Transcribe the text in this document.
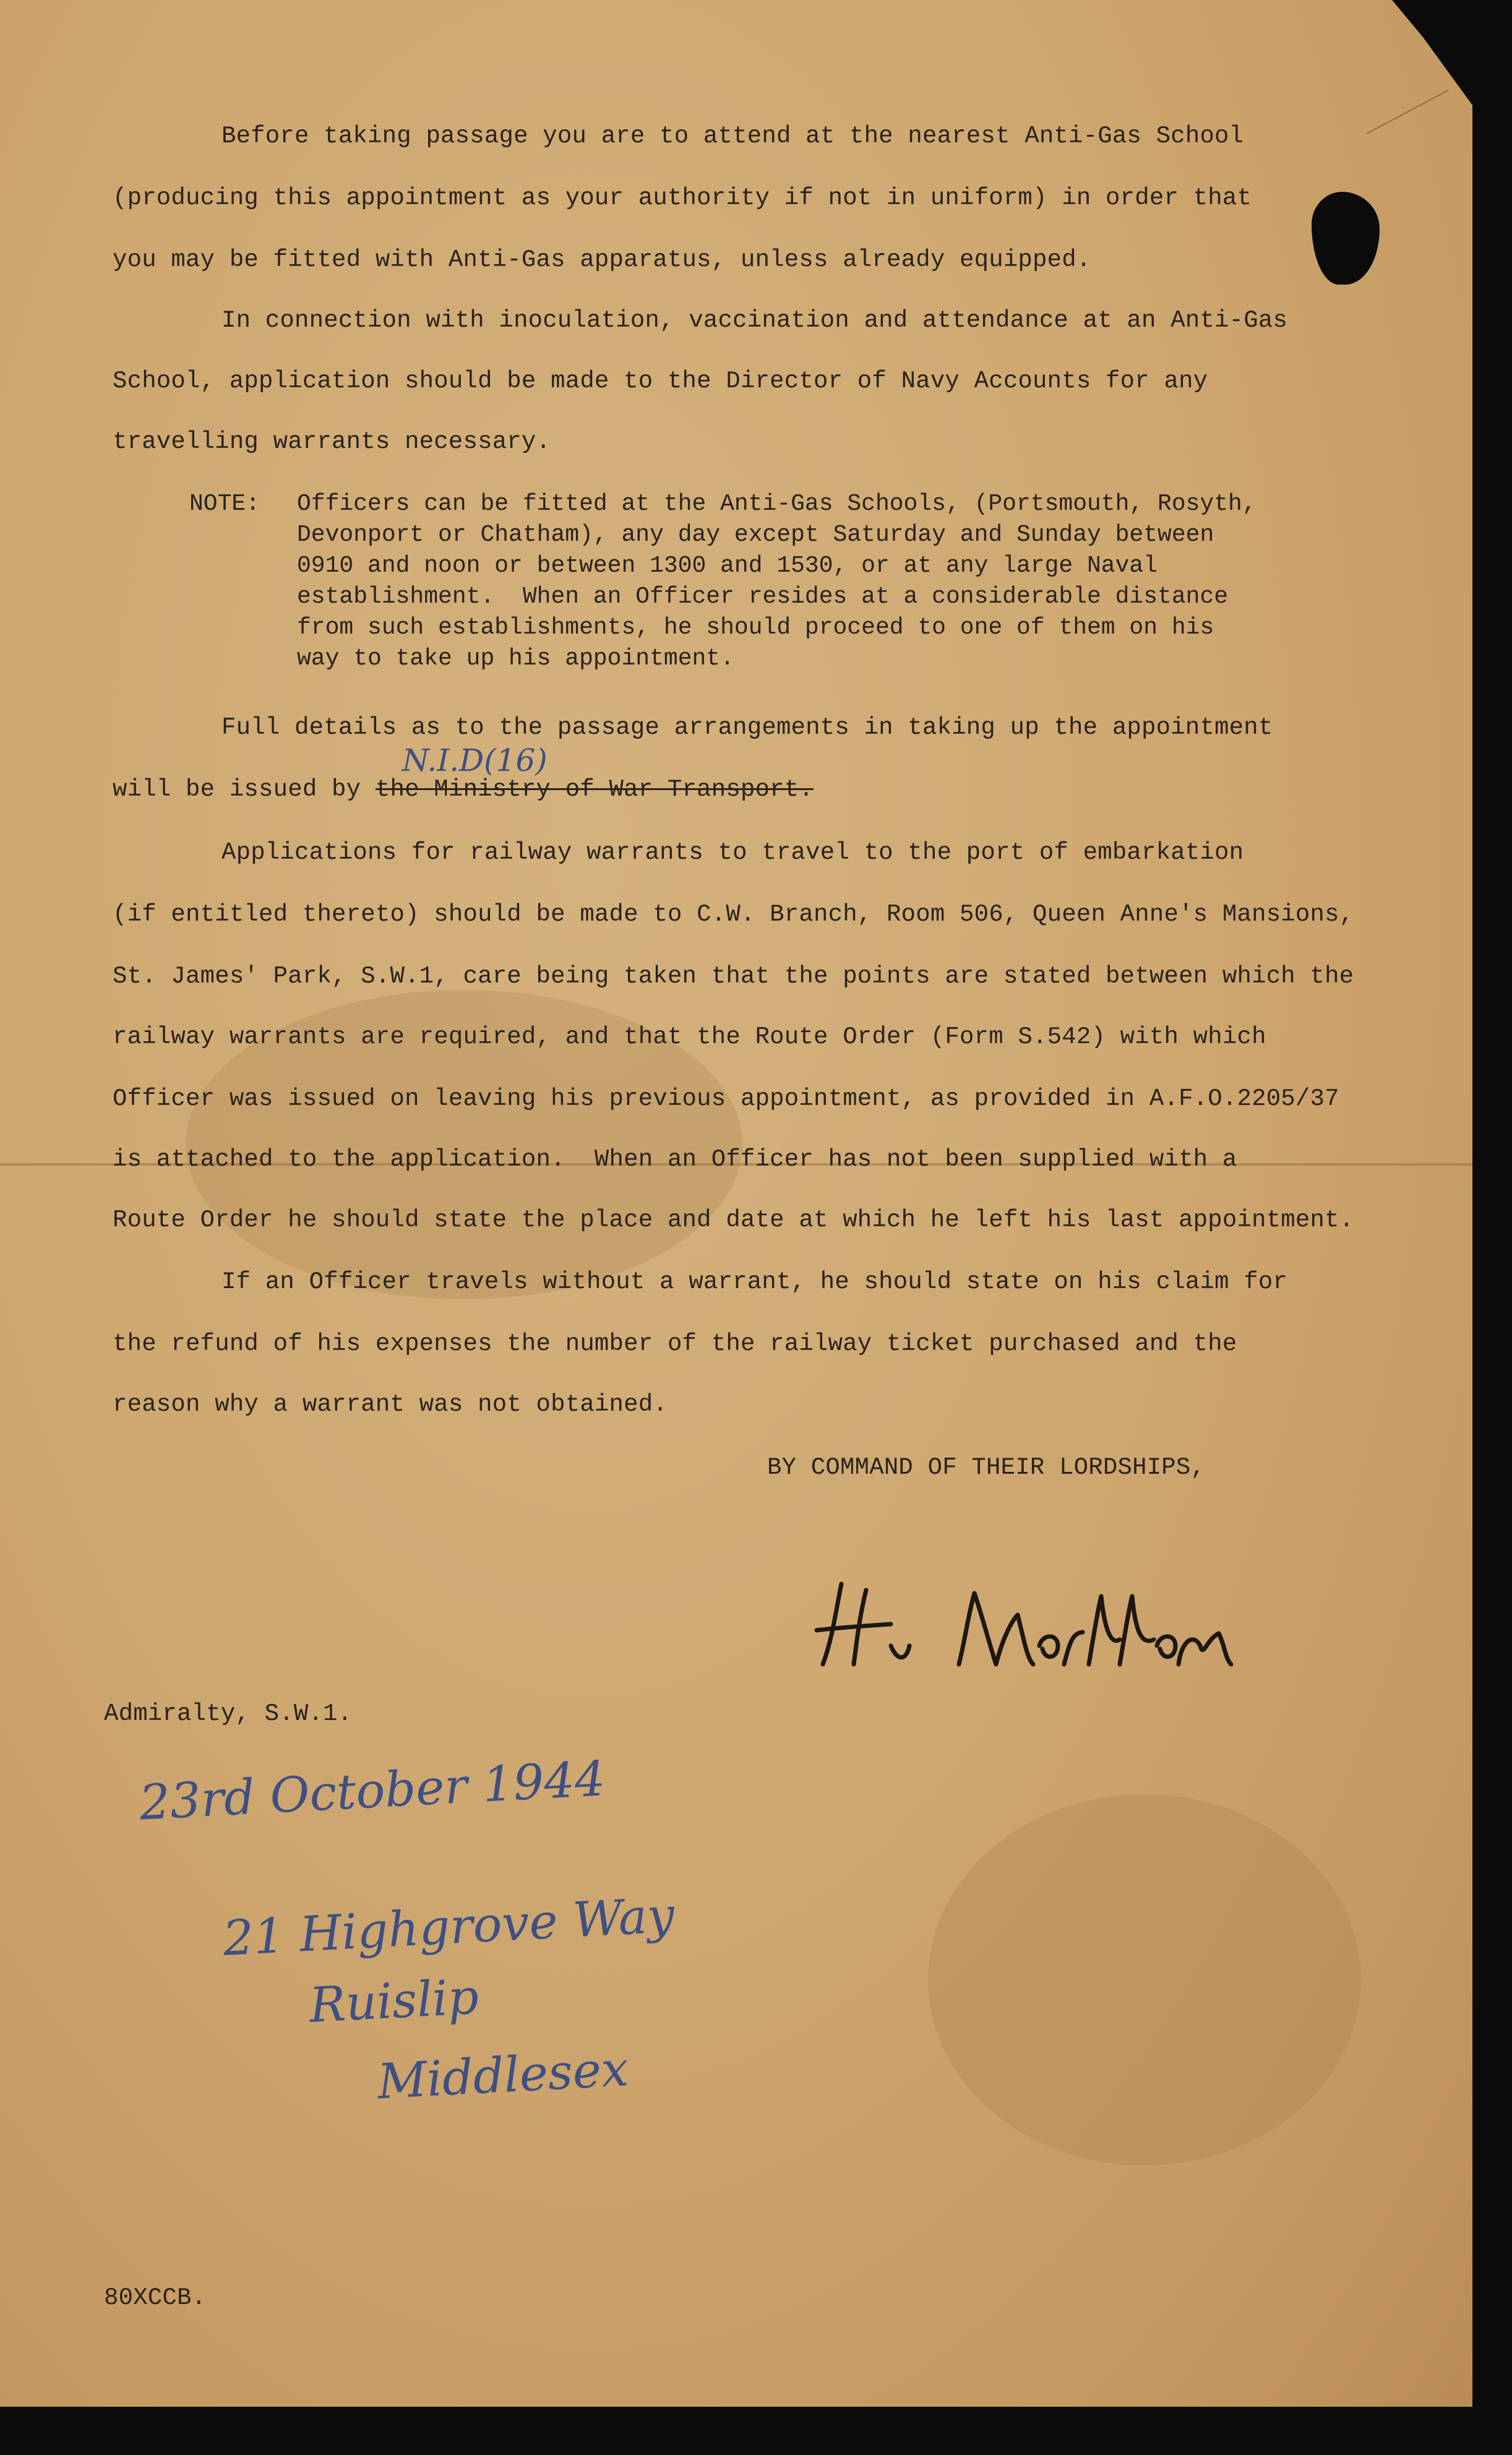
Before taking passage you are to attend at the nearest Anti-Gas School
(producing this appointment as your authority if not in uniform) in order that
you may be fitted with Anti-Gas apparatus, unless already equipped.
In connection with inoculation, vaccination and attendance at an Anti-Gas
School, application should be made to the Director of Navy Accounts for any
travelling warrants necessary.
NOTE: Officers can be fitted at the Anti-Gas Schools, (Portsmouth, Rosyth,
Devonport or Chatham), any day except Saturday and Sunday between
0910 and noon or between 1300 and 1530, or at any large Naval
establishment.  When an Officer resides at a considerable distance
from such establishments, he should proceed to one of them on his
way to take up his appointment.
Full details as to the passage arrangements in taking up the appointment
will be issued by the Ministry of War Transport.
N.I.D(16)
Applications for railway warrants to travel to the port of embarkation
(if entitled thereto) should be made to C.W. Branch, Room 506, Queen Anne's Mansions,
St. James' Park, S.W.1, care being taken that the points are stated between which the
railway warrants are required, and that the Route Order (Form S.542) with which
Officer was issued on leaving his previous appointment, as provided in A.F.O.2205/37
is attached to the application.  When an Officer has not been supplied with a
Route Order he should state the place and date at which he left his last appointment.
If an Officer travels without a warrant, he should state on his claim for
the refund of his expenses the number of the railway ticket purchased and the
reason why a warrant was not obtained.
BY COMMAND OF THEIR LORDSHIPS,
H.V. Markham
Admiralty, S.W.1.
23rd October 1944
21 Highgrove Way
Ruislip
Middlesex
80XCCB.
